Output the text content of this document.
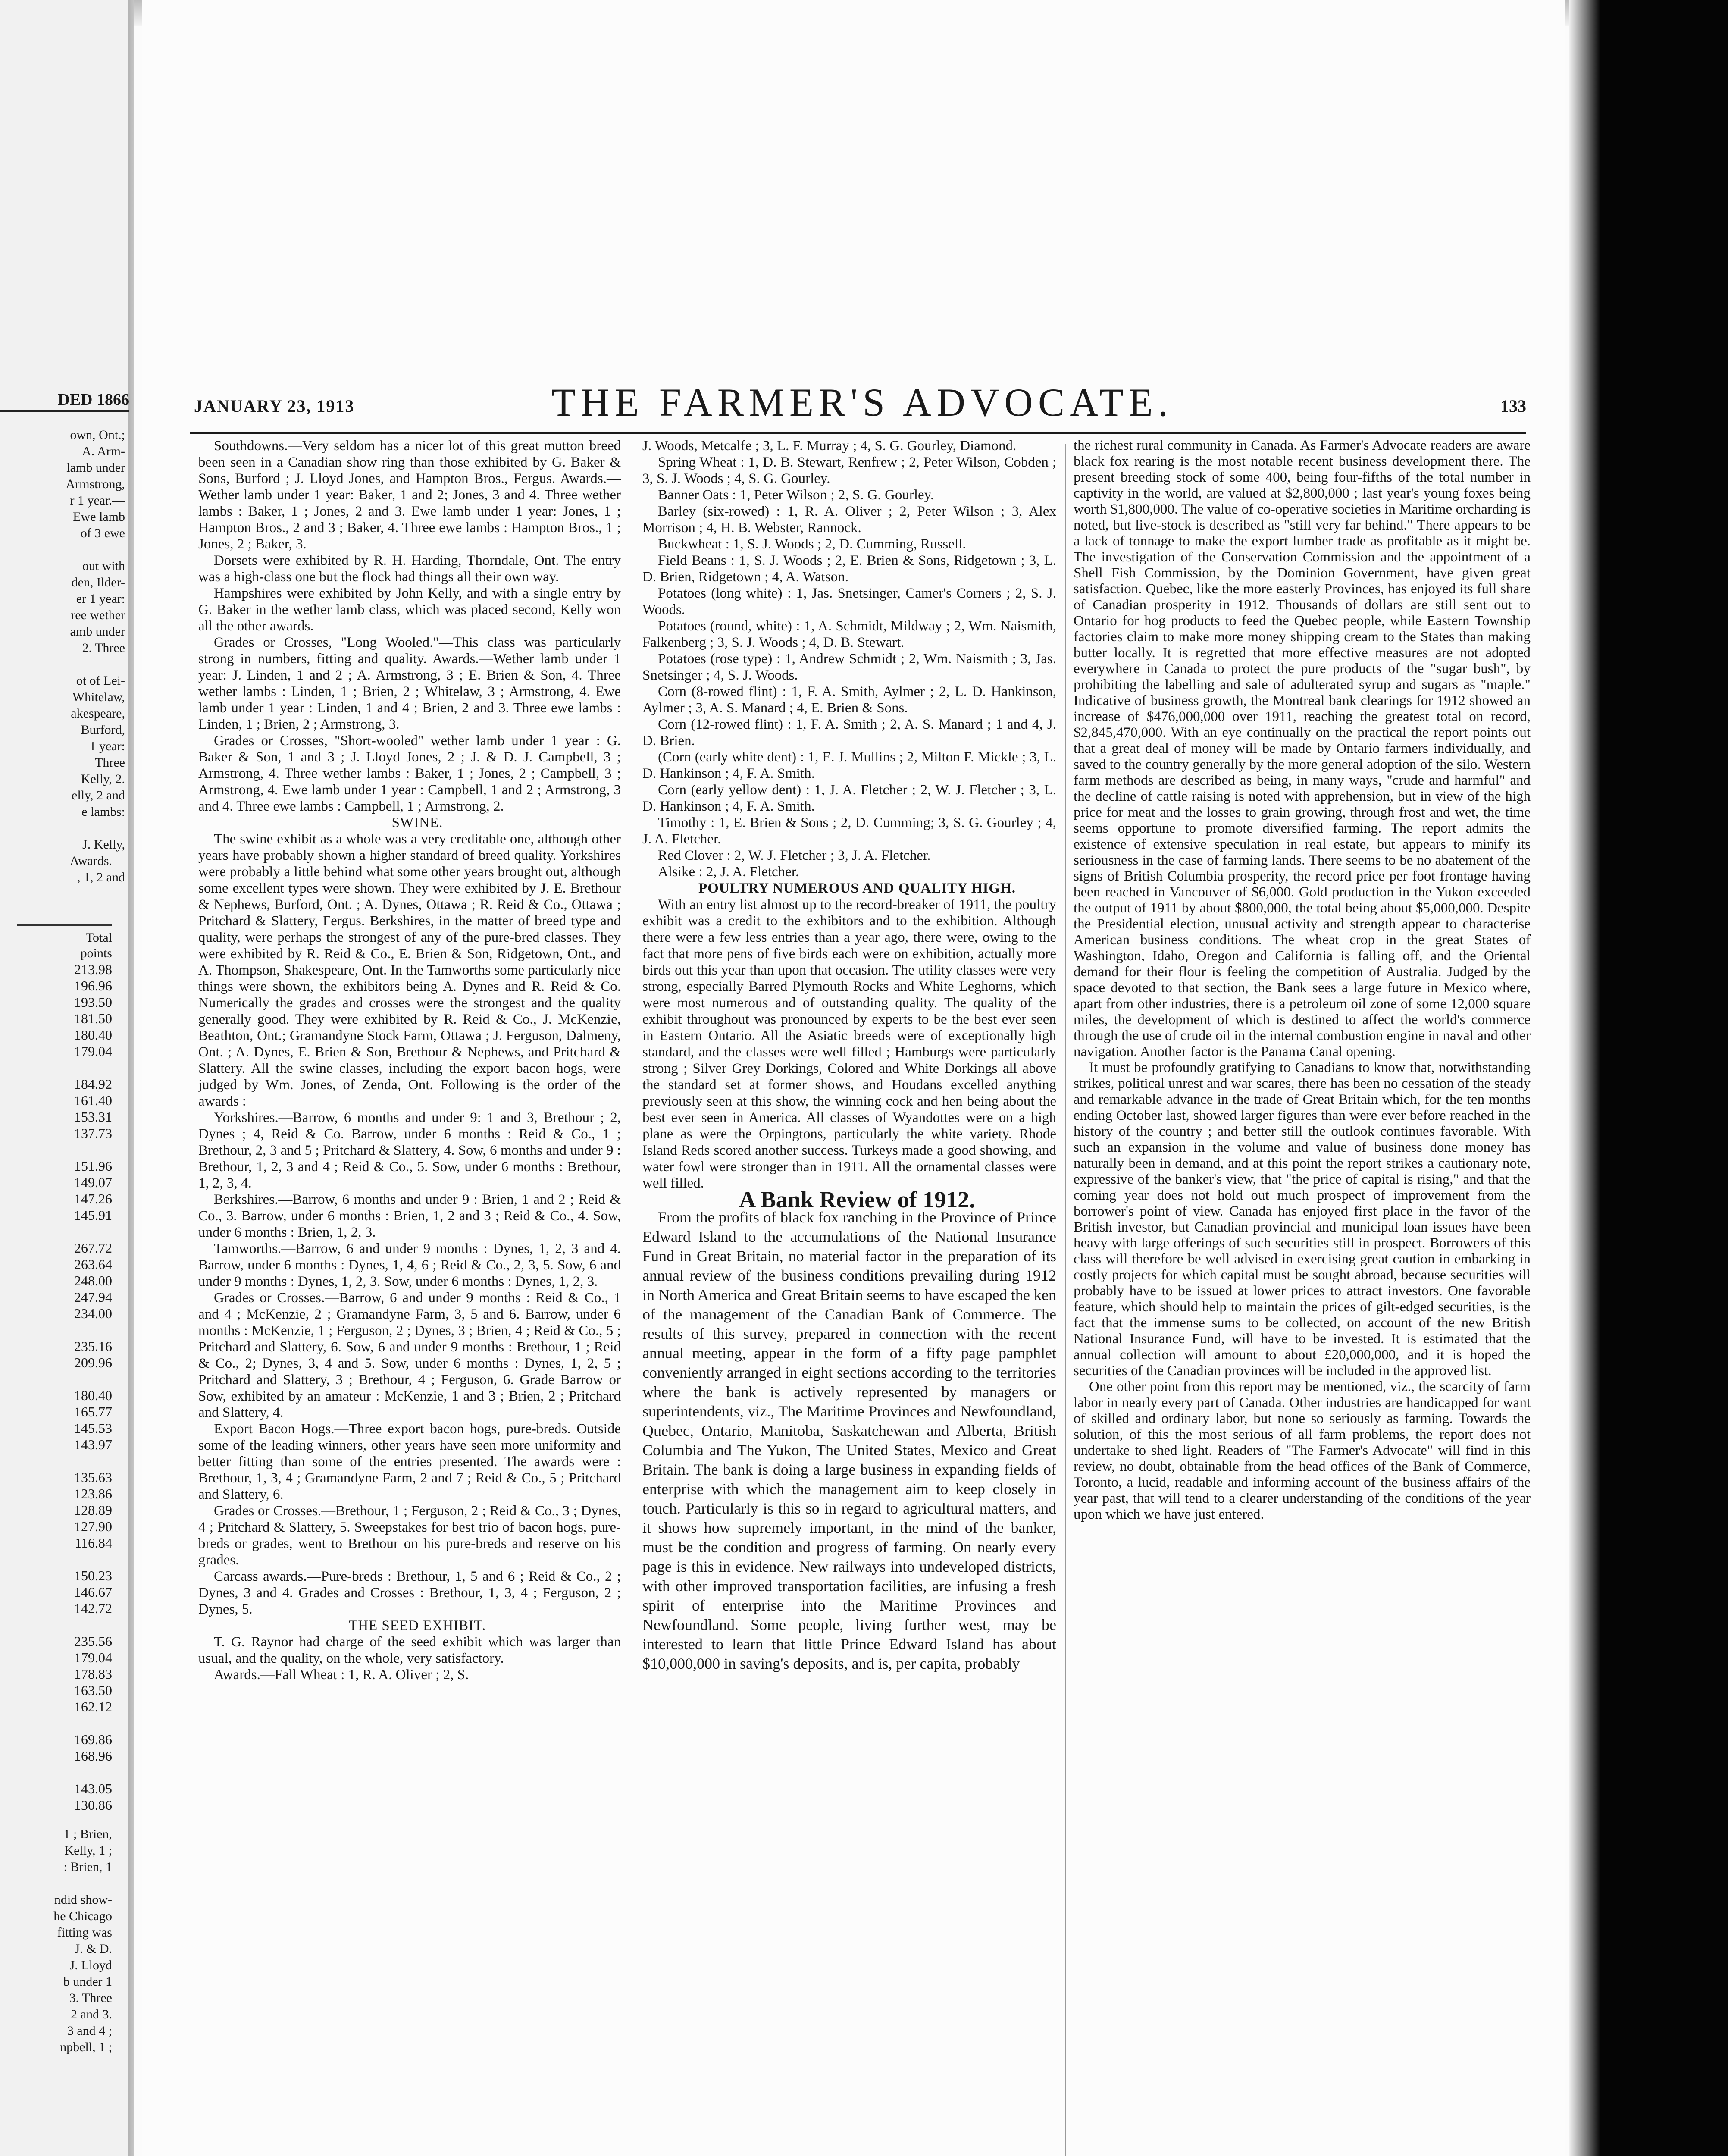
DED 1866
own, Ont.;
A. Arm-
lamb under
Armstrong,
r 1 year.—
Ewe lamb
of 3 ewe

out with
den, Ilder-
er 1 year:
ree wether
amb under
2. Three

ot of Lei-
Whitelaw,
akespeare,
Burford,
1 year:
Three
Kelly, 2.
elly, 2 and
e lambs:

J. Kelly,
Awards.—
, 1, 2 and
Total
points
213.98
196.96
193.50
181.50
180.40
179.04
184.92
161.40
153.31
137.73
151.96
149.07
147.26
145.91
267.72
263.64
248.00
247.94
234.00
235.16
209.96
180.40
165.77
145.53
143.97
135.63
123.86
128.89
127.90
116.84
150.23
146.67
142.72
235.56
179.04
178.83
163.50
162.12
169.86
168.96
143.05
130.86
1 ; Brien,
Kelly, 1 ;
: Brien, 1

ndid show-
he Chicago
fitting was
J. & D.
J. Lloyd
b under 1
3. Three
2 and 3.
3 and 4 ;
npbell, 1 ;
JANUARY 23, 1913	THE FARMER'S ADVOCATE.	133

Southdowns.—Very seldom has a nicer lot of this great mutton breed been seen in a Canadian show ring than those exhibited by G. Baker & Sons, Burford ; J. Lloyd Jones, and Hampton Bros., Fergus. Awards.—Wether lamb under 1 year: Baker, 1 and 2; Jones, 3 and 4. Three wether lambs : Baker, 1 ; Jones, 2 and 3. Ewe lamb under 1 year: Jones, 1 ; Hampton Bros., 2 and 3 ; Baker, 4. Three ewe lambs : Hampton Bros., 1 ; Jones, 2 ; Baker, 3.

Dorsets were exhibited by R. H. Harding, Thorndale, Ont. The entry was a high-class one but the flock had things all their own way.

Hampshires were exhibited by John Kelly, and with a single entry by G. Baker in the wether lamb class, which was placed second, Kelly won all the other awards.

Grades or Crosses, "Long Wooled."—This class was particularly strong in numbers, fitting and quality. Awards.—Wether lamb under 1 year: J. Linden, 1 and 2 ; A. Armstrong, 3 ; E. Brien & Son, 4. Three wether lambs : Linden, 1 ; Brien, 2 ; Whitelaw, 3 ; Armstrong, 4. Ewe lamb under 1 year : Linden, 1 and 4 ; Brien, 2 and 3. Three ewe lambs : Linden, 1 ; Brien, 2 ; Armstrong, 3.

Grades or Crosses, "Short-wooled" wether lamb under 1 year : G. Baker & Son, 1 and 3 ; J. Lloyd Jones, 2 ; J. & D. J. Campbell, 3 ; Armstrong, 4. Three wether lambs : Baker, 1 ; Jones, 2 ; Campbell, 3 ; Armstrong, 4. Ewe lamb under 1 year : Campbell, 1 and 2 ; Armstrong, 3 and 4. Three ewe lambs : Campbell, 1 ; Armstrong, 2.

SWINE.

The swine exhibit as a whole was a very creditable one, although other years have probably shown a higher standard of breed quality. Yorkshires were probably a little behind what some other years brought out, although some excellent types were shown. They were exhibited by J. E. Brethour & Nephews, Burford, Ont. ; A. Dynes, Ottawa ; R. Reid & Co., Ottawa ; Pritchard & Slattery, Fergus. Berkshires, in the matter of breed type and quality, were perhaps the strongest of any of the pure-bred classes. They were exhibited by R. Reid & Co., E. Brien & Son, Ridgetown, Ont., and A. Thompson, Shakespeare, Ont. In the Tamworths some particularly nice things were shown, the exhibitors being A. Dynes and R. Reid & Co. Numerically the grades and crosses were the strongest and the quality generally good. They were exhibited by R. Reid & Co., J. McKenzie, Beathton, Ont.; Gramandyne Stock Farm, Ottawa ; J. Ferguson, Dalmeny, Ont. ; A. Dynes, E. Brien & Son, Brethour & Nephews, and Pritchard & Slattery. All the swine classes, including the export bacon hogs, were judged by Wm. Jones, of Zenda, Ont. Following is the order of the awards :

Yorkshires.—Barrow, 6 months and under 9: 1 and 3, Brethour ; 2, Dynes ; 4, Reid & Co. Barrow, under 6 months : Reid & Co., 1 ; Brethour, 2, 3 and 5 ; Pritchard & Slattery, 4. Sow, 6 months and under 9 : Brethour, 1, 2, 3 and 4 ; Reid & Co., 5. Sow, under 6 months : Brethour, 1, 2, 3, 4.

Berkshires.—Barrow, 6 months and under 9 : Brien, 1 and 2 ; Reid & Co., 3. Barrow, under 6 months : Brien, 1, 2 and 3 ; Reid & Co., 4. Sow, under 6 months : Brien, 1, 2, 3.

Tamworths.—Barrow, 6 and under 9 months : Dynes, 1, 2, 3 and 4. Barrow, under 6 months : Dynes, 1, 4, 6 ; Reid & Co., 2, 3, 5. Sow, 6 and under 9 months : Dynes, 1, 2, 3. Sow, under 6 months : Dynes, 1, 2, 3.

Grades or Crosses.—Barrow, 6 and under 9 months : Reid & Co., 1 and 4 ; McKenzie, 2 ; Gramandyne Farm, 3, 5 and 6. Barrow, under 6 months : McKenzie, 1 ; Ferguson, 2 ; Dynes, 3 ; Brien, 4 ; Reid & Co., 5 ; Pritchard and Slattery, 6. Sow, 6 and under 9 months : Brethour, 1 ; Reid & Co., 2; Dynes, 3, 4 and 5. Sow, under 6 months : Dynes, 1, 2, 5 ; Pritchard and Slattery, 3 ; Brethour, 4 ; Ferguson, 6. Grade Barrow or Sow, exhibited by an amateur : McKenzie, 1 and 3 ; Brien, 2 ; Pritchard and Slattery, 4.

Export Bacon Hogs.—Three export bacon hogs, pure-breds. Outside some of the leading winners, other years have seen more uniformity and better fitting than some of the entries presented. The awards were : Brethour, 1, 3, 4 ; Gramandyne Farm, 2 and 7 ; Reid & Co., 5 ; Pritchard and Slattery, 6.

Grades or Crosses.—Brethour, 1 ; Ferguson, 2 ; Reid & Co., 3 ; Dynes, 4 ; Pritchard & Slattery, 5. Sweepstakes for best trio of bacon hogs, pure-breds or grades, went to Brethour on his pure-breds and reserve on his grades.

Carcass awards.—Pure-breds : Brethour, 1, 5 and 6 ; Reid & Co., 2 ; Dynes, 3 and 4. Grades and Crosses : Brethour, 1, 3, 4 ; Ferguson, 2 ; Dynes, 5.

THE SEED EXHIBIT.

T. G. Raynor had charge of the seed exhibit which was larger than usual, and the quality, on the whole, very satisfactory.

Awards.—Fall Wheat : 1, R. A. Oliver ; 2, S.

J. Woods, Metcalfe ; 3, L. F. Murray ; 4, S. G. Gourley, Diamond.

Spring Wheat : 1, D. B. Stewart, Renfrew ; 2, Peter Wilson, Cobden ; 3, S. J. Woods ; 4, S. G. Gourley.

Banner Oats : 1, Peter Wilson ; 2, S. G. Gourley.

Barley (six-rowed) : 1, R. A. Oliver ; 2, Peter Wilson ; 3, Alex Morrison ; 4, H. B. Webster, Rannock.

Buckwheat : 1, S. J. Woods ; 2, D. Cumming, Russell.

Field Beans : 1, S. J. Woods ; 2, E. Brien & Sons, Ridgetown ; 3, L. D. Brien, Ridgetown ; 4, A. Watson.

Potatoes (long white) : 1, Jas. Snetsinger, Camer's Corners ; 2, S. J. Woods.

Potatoes (round, white) : 1, A. Schmidt, Mildway ; 2, Wm. Naismith, Falkenberg ; 3, S. J. Woods ; 4, D. B. Stewart.

Potatoes (rose type) : 1, Andrew Schmidt ; 2, Wm. Naismith ; 3, Jas. Snetsinger ; 4, S. J. Woods.

Corn (8-rowed flint) : 1, F. A. Smith, Aylmer ; 2, L. D. Hankinson, Aylmer ; 3, A. S. Manard ; 4, E. Brien & Sons.

Corn (12-rowed flint) : 1, F. A. Smith ; 2, A. S. Manard ; 1 and 4, J. D. Brien.

(Corn (early white dent) : 1, E. J. Mullins ; 2, Milton F. Mickle ; 3, L. D. Hankinson ; 4, F. A. Smith.

Corn (early yellow dent) : 1, J. A. Fletcher ; 2, W. J. Fletcher ; 3, L. D. Hankinson ; 4, F. A. Smith.

Timothy : 1, E. Brien & Sons ; 2, D. Cumming; 3, S. G. Gourley ; 4, J. A. Fletcher.

Red Clover : 2, W. J. Fletcher ; 3, J. A. Fletcher.

Alsike : 2, J. A. Fletcher.

POULTRY NUMEROUS AND QUALITY HIGH.

With an entry list almost up to the record-breaker of 1911, the poultry exhibit was a credit to the exhibitors and to the exhibition. Although there were a few less entries than a year ago, there were, owing to the fact that more pens of five birds each were on exhibition, actually more birds out this year than upon that occasion. The utility classes were very strong, especially Barred Plymouth Rocks and White Leghorns, which were most numerous and of outstanding quality. The quality of the exhibit throughout was pronounced by experts to be the best ever seen in Eastern Ontario. All the Asiatic breeds were of exceptionally high standard, and the classes were well filled ; Hamburgs were particularly strong ; Silver Grey Dorkings, Colored and White Dorkings all above the standard set at former shows, and Houdans excelled anything previously seen at this show, the winning cock and hen being about the best ever seen in America. All classes of Wyandottes were on a high plane as were the Orpingtons, particularly the white variety. Rhode Island Reds scored another success. Turkeys made a good showing, and water fowl were stronger than in 1911. All the ornamental classes were well filled.

A Bank Review of 1912.

From the profits of black fox ranching in the Province of Prince Edward Island to the accumulations of the National Insurance Fund in Great Britain, no material factor in the preparation of its annual review of the business conditions prevailing during 1912 in North America and Great Britain seems to have escaped the ken of the management of the Canadian Bank of Commerce. The results of this survey, prepared in connection with the recent annual meeting, appear in the form of a fifty page pamphlet conveniently arranged in eight sections according to the territories where the bank is actively represented by managers or superintendents, viz., The Maritime Provinces and Newfoundland, Quebec, Ontario, Manitoba, Saskatchewan and Alberta, British Columbia and The Yukon, The United States, Mexico and Great Britain. The bank is doing a large business in expanding fields of enterprise with which the management aim to keep closely in touch. Particularly is this so in regard to agricultural matters, and it shows how supremely important, in the mind of the banker, must be the condition and progress of farming. On nearly every page is this in evidence. New railways into undeveloped districts, with other improved transportation facilities, are infusing a fresh spirit of enterprise into the Maritime Provinces and Newfoundland. Some people, living further west, may be interested to learn that little Prince Edward Island has about $10,000,000 in saving's deposits, and is, per capita, probably

the richest rural community in Canada. As Farmer's Advocate readers are aware black fox rearing is the most notable recent business development there. The present breeding stock of some 400, being four-fifths of the total number in captivity in the world, are valued at $2,800,000 ; last year's young foxes being worth $1,800,000. The value of co-operative societies in Maritime orcharding is noted, but live-stock is described as "still very far behind." There appears to be a lack of tonnage to make the export lumber trade as profitable as it might be. The investigation of the Conservation Commission and the appointment of a Shell Fish Commission, by the Dominion Government, have given great satisfaction. Quebec, like the more easterly Provinces, has enjoyed its full share of Canadian prosperity in 1912. Thousands of dollars are still sent out to Ontario for hog products to feed the Quebec people, while Eastern Township factories claim to make more money shipping cream to the States than making butter locally. It is regretted that more effective measures are not adopted everywhere in Canada to protect the pure products of the "sugar bush", by prohibiting the labelling and sale of adulterated syrup and sugars as "maple." Indicative of business growth, the Montreal bank clearings for 1912 showed an increase of $476,000,000 over 1911, reaching the greatest total on record, $2,845,470,000. With an eye continually on the practical the report points out that a great deal of money will be made by Ontario farmers individually, and saved to the country generally by the more general adoption of the silo. Western farm methods are described as being, in many ways, "crude and harmful" and the decline of cattle raising is noted with apprehension, but in view of the high price for meat and the losses to grain growing, through frost and wet, the time seems opportune to promote diversified farming. The report admits the existence of extensive speculation in real estate, but appears to minify its seriousness in the case of farming lands. There seems to be no abatement of the signs of British Columbia prosperity, the record price per foot frontage having been reached in Vancouver of $6,000. Gold production in the Yukon exceeded the output of 1911 by about $800,000, the total being about $5,000,000. Despite the Presidential election, unusual activity and strength appear to characterise American business conditions. The wheat crop in the great States of Washington, Idaho, Oregon and California is falling off, and the Oriental demand for their flour is feeling the competition of Australia. Judged by the space devoted to that section, the Bank sees a large future in Mexico where, apart from other industries, there is a petroleum oil zone of some 12,000 square miles, the development of which is destined to affect the world's commerce through the use of crude oil in the internal combustion engine in naval and other navigation. Another factor is the Panama Canal opening.

It must be profoundly gratifying to Canadians to know that, notwithstanding strikes, political unrest and war scares, there has been no cessation of the steady and remarkable advance in the trade of Great Britain which, for the ten months ending October last, showed larger figures than were ever before reached in the history of the country ; and better still the outlook continues favorable. With such an expansion in the volume and value of business done money has naturally been in demand, and at this point the report strikes a cautionary note, expressive of the banker's view, that "the price of capital is rising," and that the coming year does not hold out much prospect of improvement from the borrower's point of view. Canada has enjoyed first place in the favor of the British investor, but Canadian provincial and municipal loan issues have been heavy with large offerings of such securities still in prospect. Borrowers of this class will therefore be well advised in exercising great caution in embarking in costly projects for which capital must be sought abroad, because securities will probably have to be issued at lower prices to attract investors. One favorable feature, which should help to maintain the prices of gilt-edged securities, is the fact that the immense sums to be collected, on account of the new British National Insurance Fund, will have to be invested. It is estimated that the annual collection will amount to about £20,000,000, and it is hoped the securities of the Canadian provinces will be included in the approved list.

One other point from this report may be mentioned, viz., the scarcity of farm labor in nearly every part of Canada. Other industries are handicapped for want of skilled and ordinary labor, but none so seriously as farming. Towards the solution, of this the most serious of all farm problems, the report does not undertake to shed light. Readers of "The Farmer's Advocate" will find in this review, no doubt, obtainable from the head offices of the Bank of Commerce, Toronto, a lucid, readable and informing account of the business affairs of the year past, that will tend to a clearer understanding of the conditions of the year upon which we have just entered.
